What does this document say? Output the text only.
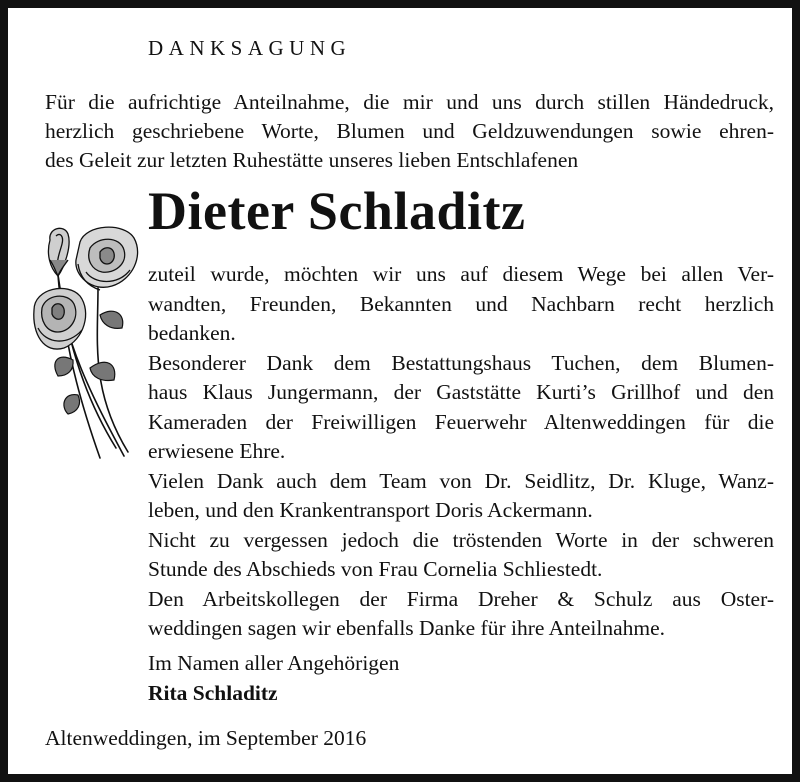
DANKSAGUNG
Für die aufrichtige Anteilnahme, die mir und uns durch stillen Händedruck,
herzlich geschriebene Worte, Blumen und Geldzuwendungen sowie ehren-
des Geleit zur letzten Ruhestätte unseres lieben Entschlafenen
Dieter Schladitz
zuteil wurde, möchten wir uns auf diesem Wege bei allen Ver-
wandten, Freunden, Bekannten und Nachbarn recht herzlich
bedanken.
Besonderer Dank dem Bestattungshaus Tuchen, dem Blumen-
haus Klaus Jungermann, der Gaststätte Kurti’s Grillhof und den
Kameraden der Freiwilligen Feuerwehr Altenweddingen für die
erwiesene Ehre.
Vielen Dank auch dem Team von Dr. Seidlitz, Dr. Kluge, Wanz-
leben, und den Krankentransport Doris Ackermann.
Nicht zu vergessen jedoch die tröstenden Worte in der schweren
Stunde des Abschieds von Frau Cornelia Schliestedt.
Den Arbeitskollegen der Firma Dreher & Schulz aus Oster-
weddingen sagen wir ebenfalls Danke für ihre Anteilnahme.
Im Namen aller Angehörigen
Rita Schladitz
Altenweddingen, im September 2016
